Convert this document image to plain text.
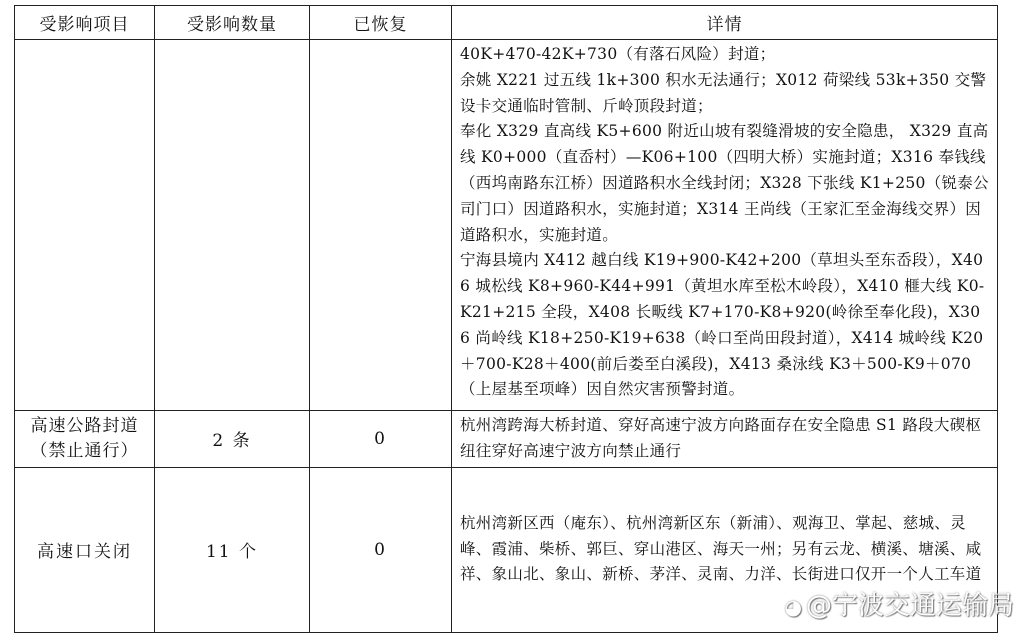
受影响项目	受影响数量	已恢复	详情

			40K+470-42K+730（有落石风险）封道；

余姚 X221 过五线 1k+300 积水无法通行；X012 荷梁线 53k+350 交警设卡交通临时管制、斤岭顶段封道；

奉化 X329 直高线 K5+600 附近山坡有裂缝滑坡的安全隐患， X329 直高线 K0+000（直岙村）—K06+100（四明大桥）实施封道；X316 奉钱线（西坞南路东江桥）因道路积水全线封闭；X328 下张线 K1+250（锐泰公司门口）因道路积水，实施封道；X314 王尚线（王家汇至金海线交界）因道路积水，实施封道。

宁海县境内 X412 越白线 K19+900-K42+200（草坦头至东岙段），X406 城松线 K8+960-K44+991（黄坦水库至松木岭段），X410 榧大线 K0-K21+215 全段，X408 长畈线 K7+170-K8+920(岭徐至奉化段)，X306 尚岭线 K18+250-K19+638（岭口至尚田段封道），X414 城岭线 K20＋700-K28＋400(前后娄至白溪段)，X413 桑泳线 K3＋500-K9＋070（上屋基至项峰）因自然灾害预警封道。

高速公路封道（禁止通行）	2 条	0	杭州湾跨海大桥封道、穿好高速宁波方向路面存在安全隐患 S1 路段大碶枢纽往穿好高速宁波方向禁止通行

高速口关闭	11 个	0	杭州湾新区西（庵东）、杭州湾新区东（新浦）、观海卫、掌起、慈城、灵峰、霞浦、柴桥、郭巨、穿山港区、海天一州；另有云龙、横溪、塘溪、咸祥、象山北、象山、新桥、茅洋、灵南、力洋、长街进口仅开一个人工车道

◕ @宁波交通运输局
